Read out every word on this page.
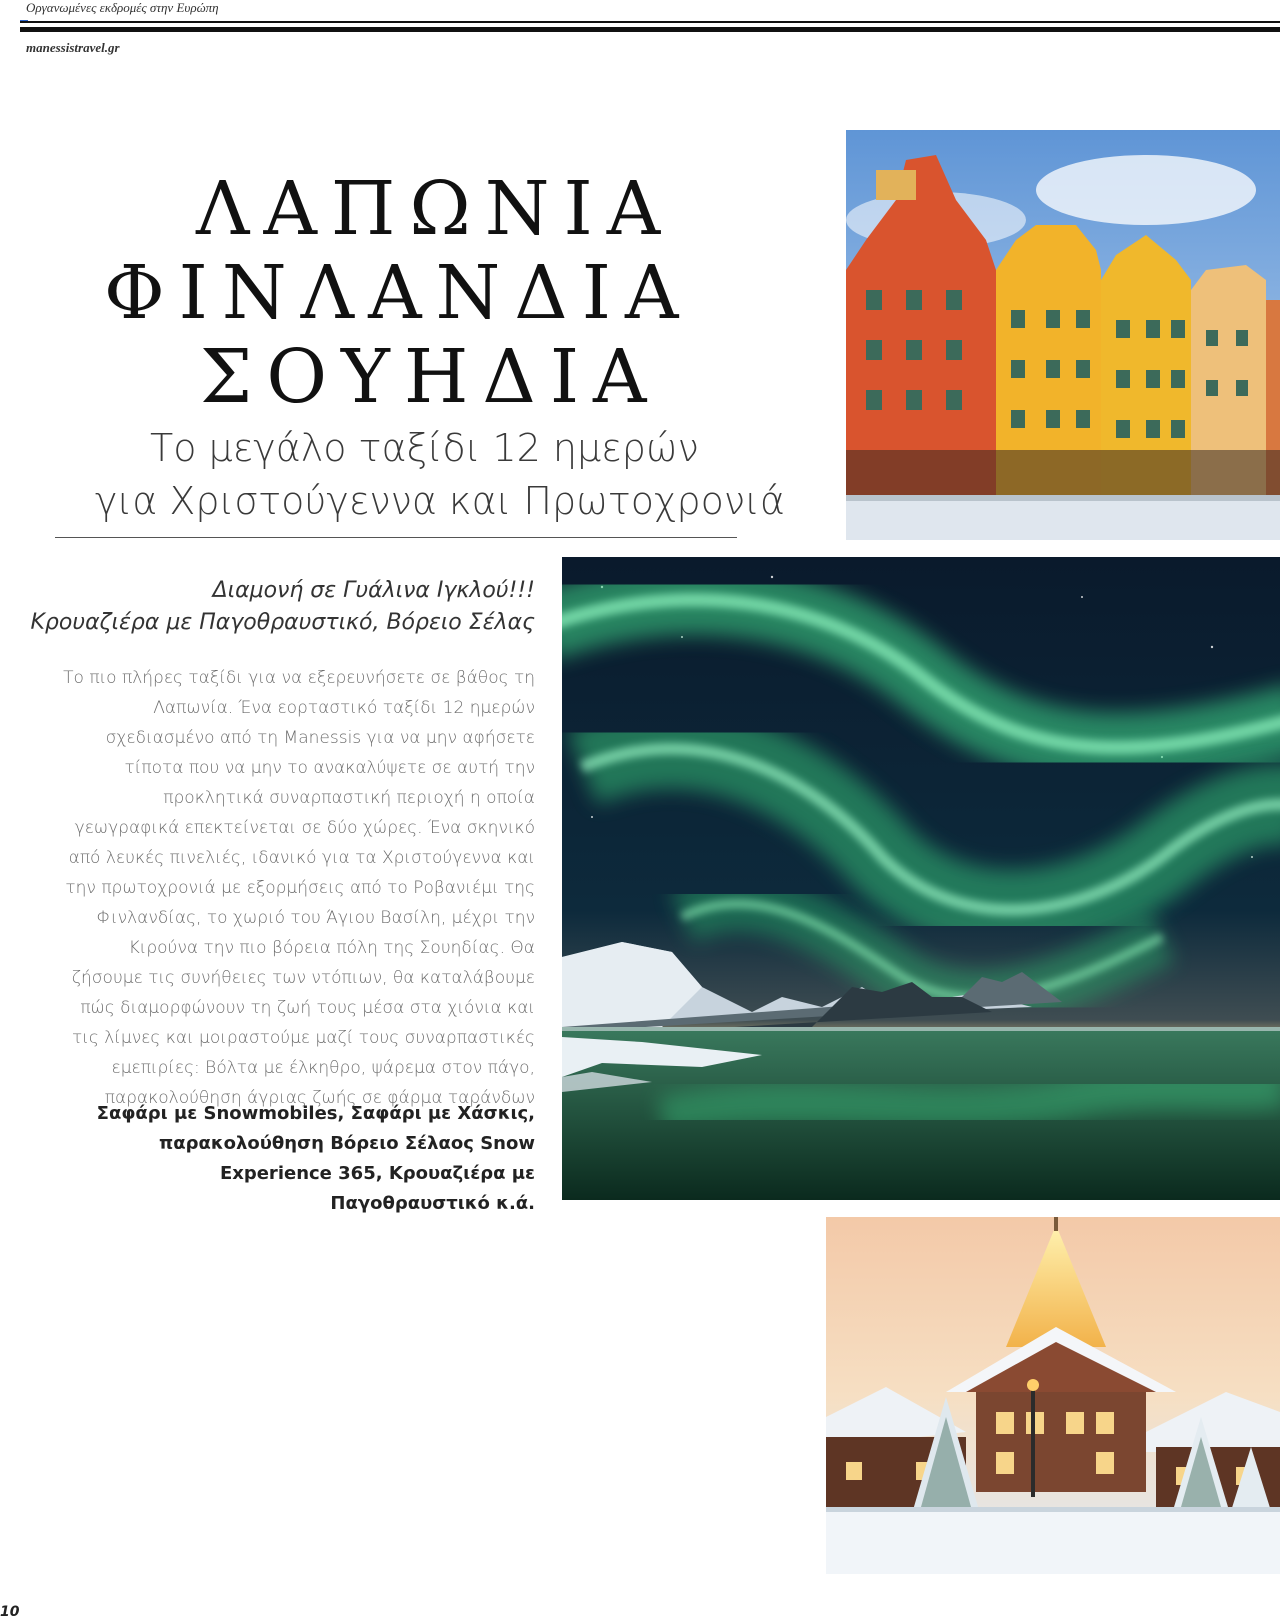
Οργανωμένες εκδρομές στην Ευρώπη
manessistravel.gr
ΛΑΠΩΝΙΑ
ΦΙΝΛΑΝΔΙΑ
ΣΟΥΗΔΙΑ
Το μεγάλο ταξίδι 12 ημερών
για Χριστούγεννα και Πρωτοχρονιά
Διαμονή σε Γυάλινα Ιγκλού!!!
Κρουαζιέρα με Παγοθραυστικό, Βόρειο Σέλας
Το πιο πλήρες ταξίδι για να εξερευνήσετε σε βάθος τη Λαπωνία. Ένα εορταστικό ταξίδι 12 ημερών σχεδιασμένο από τη Manessis για να μην αφήσετε τίποτα που να μην το ανακαλύψετε σε αυτή την προκλητικά συναρπαστική περιοχή η οποία γεωγραφικά επεκτείνεται σε δύο χώρες. Ένα σκηνικό από λευκές πινελιές, ιδανικό για τα Χριστούγεννα και την πρωτοχρονιά με εξορμήσεις από το Ροβανιέμι της Φινλανδίας, το χωριό του Άγιου Βασίλη, μέχρι την Κιρούνα την πιο βόρεια πόλη της Σουηδίας. Θα ζήσουμε τις συνήθειες των ντόπιων, θα καταλάβουμε πώς διαμορφώνουν τη ζωή τους μέσα στα χιόνια και τις λίμνες και μοιραστούμε μαζί τους συναρπαστικές εμεπιρίες: Βόλτα με έλκηθρο, ψάρεμα στον πάγο, παρακολούθηση άγριας ζωής σε φάρμα ταράνδων
Σαφάρι με Snowmobiles, Σαφάρι με Χάσκις, παρακολούθηση Βόρειο Σέλαος Snow Experience 365, Κρουαζιέρα με Παγοθραυστικό κ.ά.
10
